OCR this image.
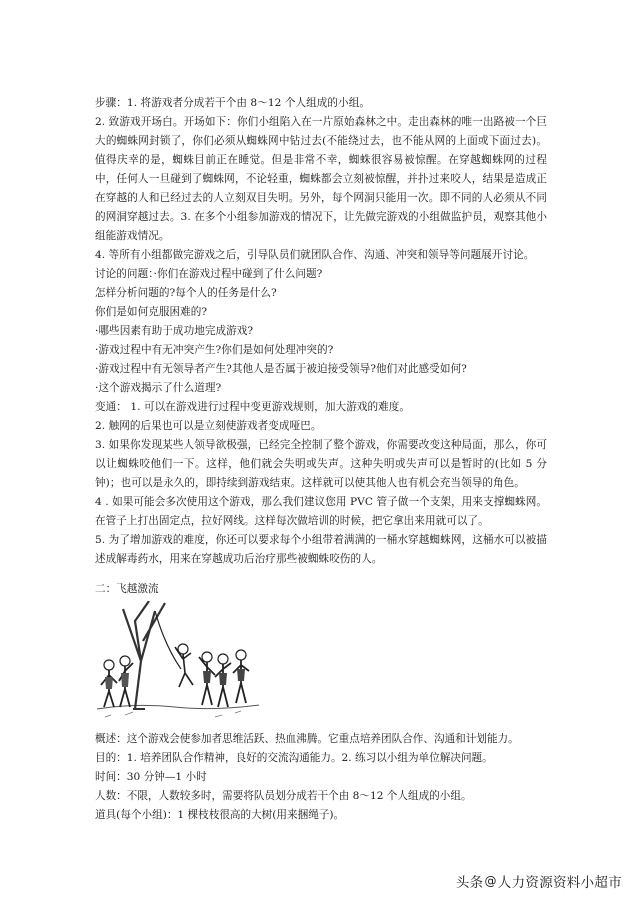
步骤：1. 将游戏者分成若干个由 8～12 个人组成的小组。

2. 致游戏开场白。开场如下：你们小组陷入在一片原始森林之中。走出森林的唯一出路被一个巨大的蜘蛛网封锁了，你们必须从蜘蛛网中钻过去(不能绕过去，也不能从网的上面或下面过去)。值得庆幸的是，蜘蛛目前正在睡觉。但是非常不幸，蜘蛛很容易被惊醒。在穿越蜘蛛网的过程中，任何人一旦碰到了蜘蛛网，不论轻重，蜘蛛都会立刻被惊醒，并扑过来咬人，结果是造成正在穿越的人和已经过去的人立刻双目失明。另外，每个网洞只能用一次。即不同的人必须从不同的网洞穿越过去。3. 在多个小组参加游戏的情况下，让先做完游戏的小组做监护员，观察其他小组能游戏情况。

4. 等所有小组都做完游戏之后，引导队员们就团队合作、沟通、冲突和领导等问题展开讨论。

讨论的问题：·你们在游戏过程中碰到了什么问题?

怎样分析问题的?每个人的任务是什么?

你们是如何克服困难的?

·哪些因素有助于成功地完成游戏?

·游戏过程中有无冲突产生?你们是如何处理冲突的?

·游戏过程中有无领导者产生?其他人是否属于被迫接受领导?他们对此感受如何?

·这个游戏揭示了什么道理?

变通： 1. 可以在游戏进行过程中变更游戏规则，加大游戏的难度。

2. 触网的后果也可以是立刻使游戏者变成哑巴。

3. 如果你发现某些人领导欲极强，已经完全控制了整个游戏，你需要改变这种局面，那么，你可以让蜘蛛咬他们一下。这样，他们就会失明或失声。这种失明或失声可以是暂时的(比如 5 分钟)；也可以是永久的，即持续到游戏结束。这样就可以使其他人也有机会充当领导的角色。

4 . 如果可能会多次使用这个游戏，那么我们建议您用 PVC 管子做一个支架，用来支撑蜘蛛网。在管子上打出固定点，拉好网线。这样每次做培训的时候，把它拿出来用就可以了。

5. 为了增加游戏的难度，你还可以要求每个小组带着满满的一桶水穿越蜘蛛网，这桶水可以被描述成解毒药水，用来在穿越成功后治疗那些被蜘蛛咬伤的人。

二：飞越激流

概述：这个游戏会使参加者思维活跃、热血沸腾。它重点培养团队合作、沟通和计划能力。

目的：1. 培养团队合作精神，良好的交流沟通能力。2. 练习以小组为单位解决问题。

时间：30 分钟—1 小时

人数：不限，人数较多时，需要将队员划分成若干个由 8～12 个人组成的小组。

道具(每个小组)：1 棵枝枝很高的大树(用来捆绳子)。

头条 @ 人力资源资料小超市
